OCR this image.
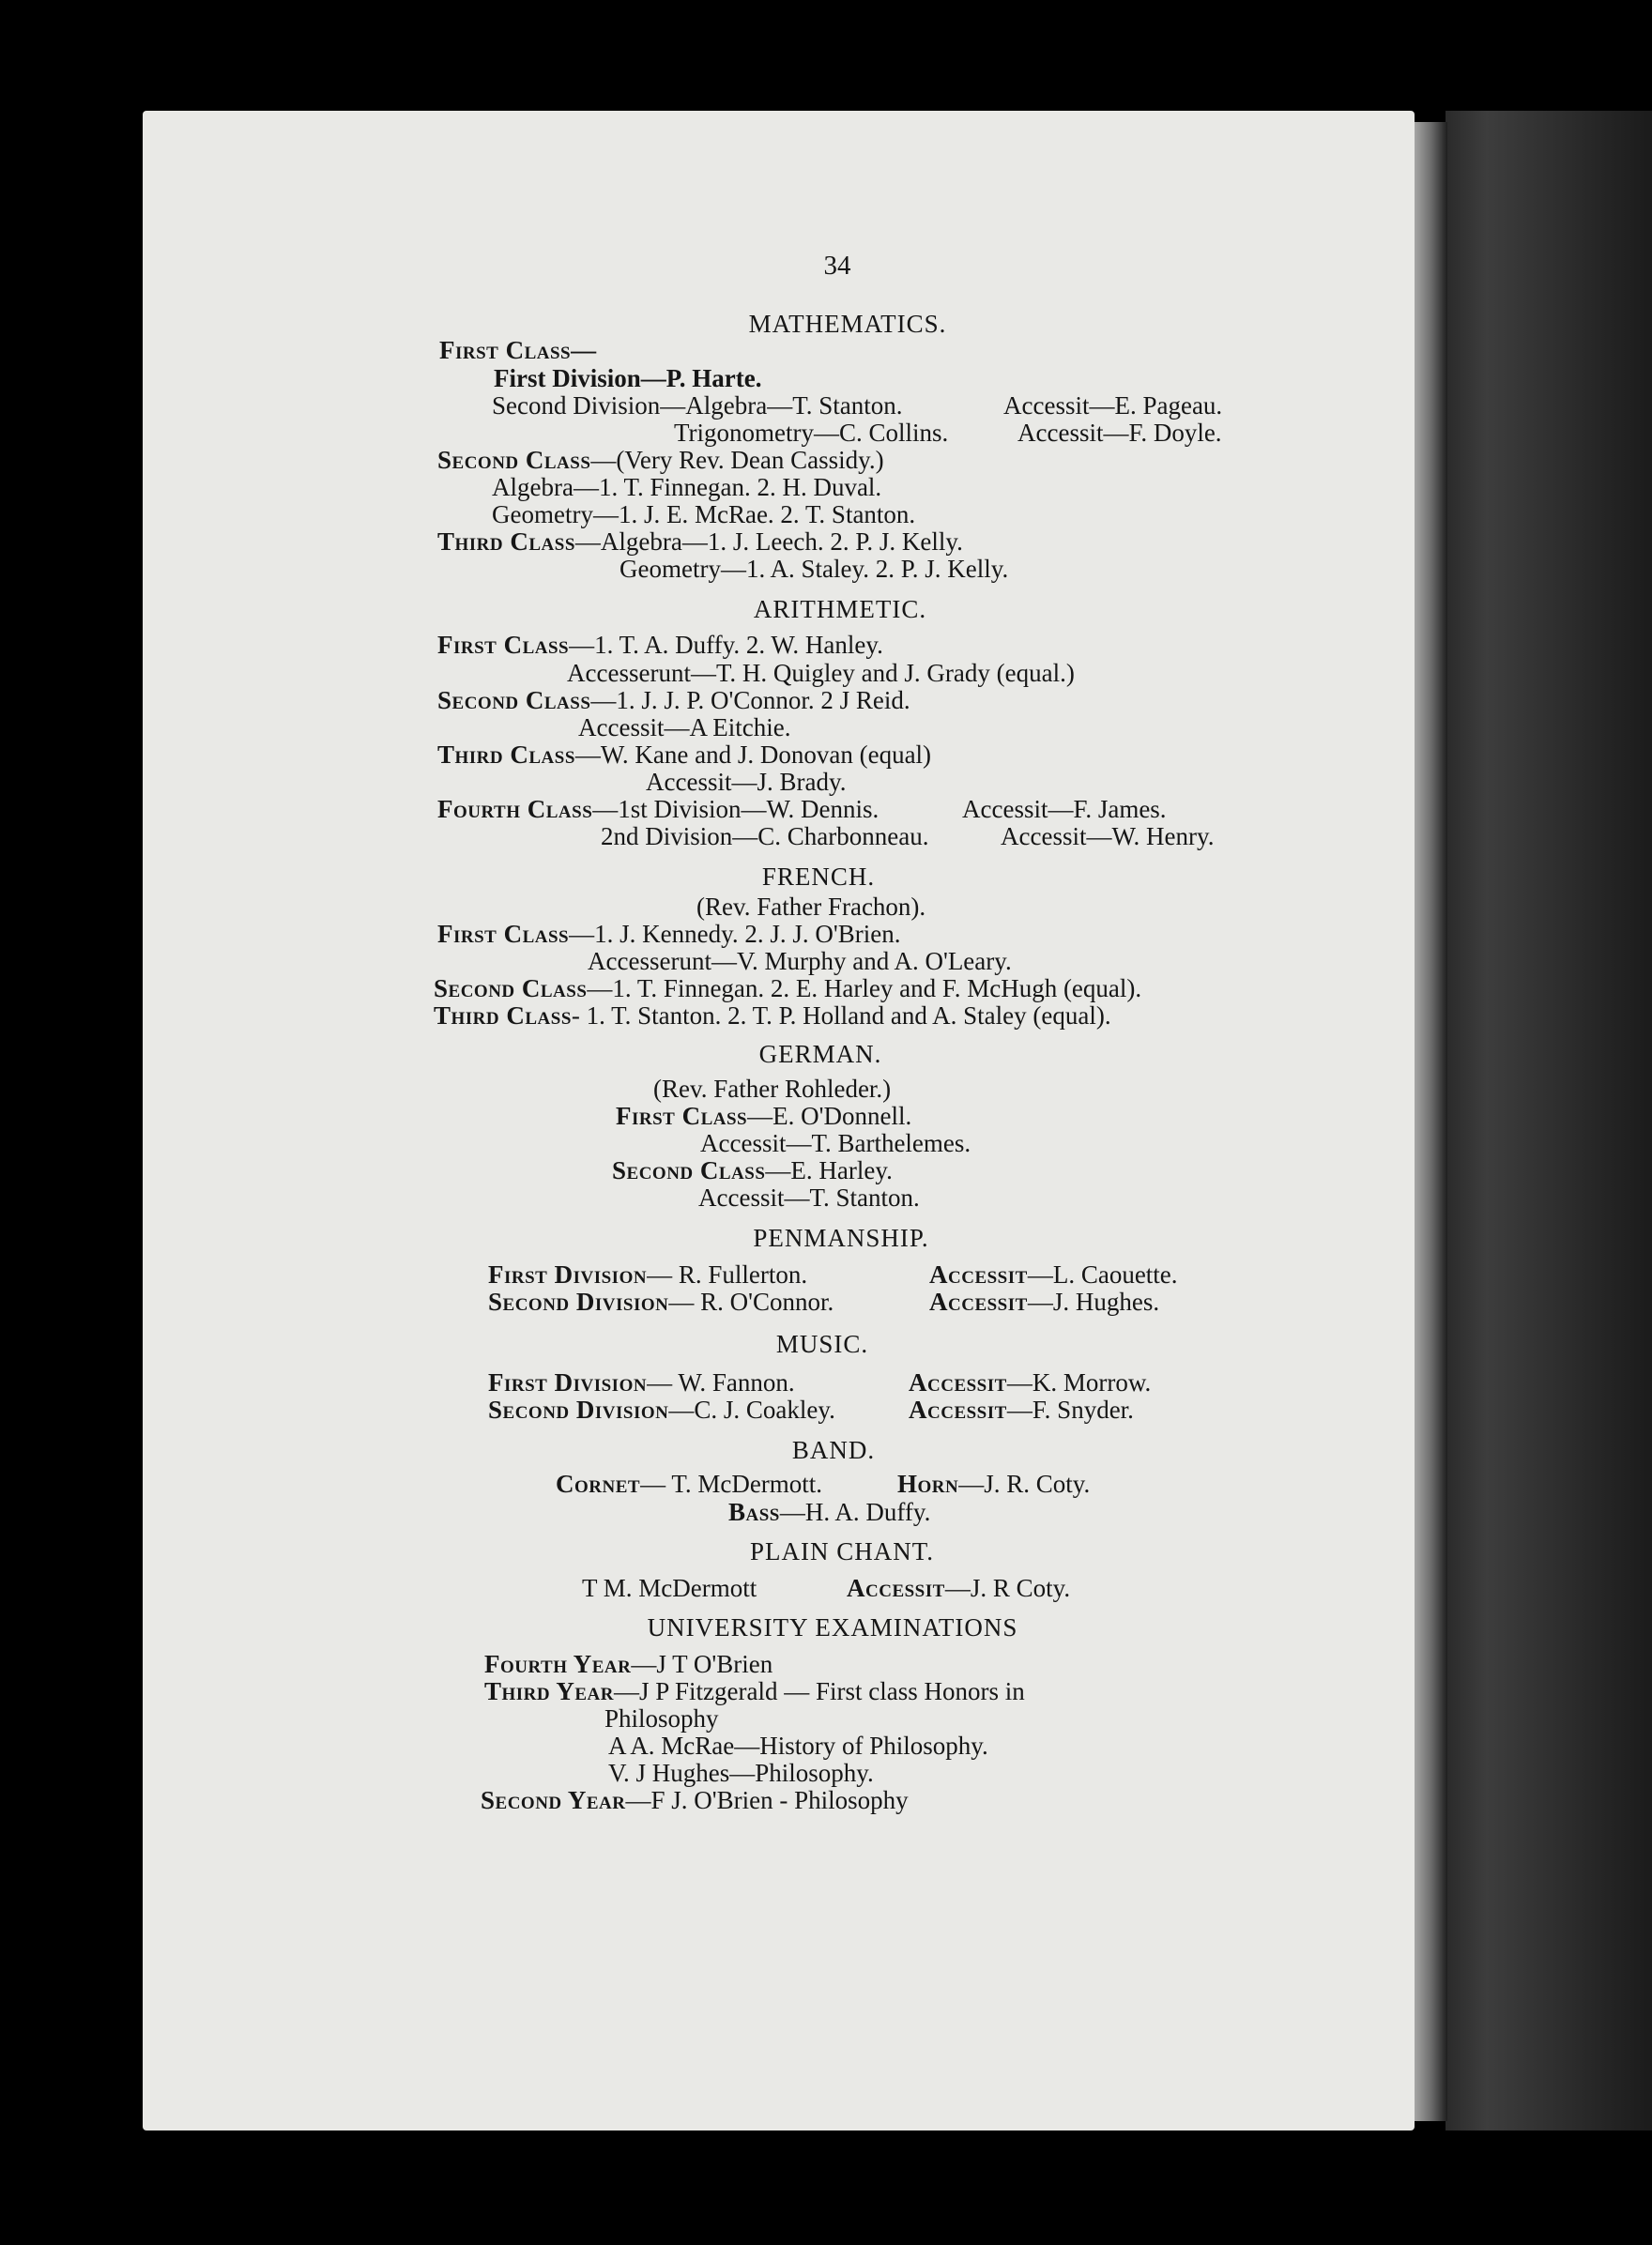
34
MATHEMATICS.
First Class—
First Division—P. Harte.
Second Division—Algebra—T. Stanton.	Accessit—E. Pageau.
Trigonometry—C. Collins.	Accessit—F. Doyle.
Second Class—(Very Rev. Dean Cassidy.)
Algebra—1. T. Finnegan. 2. H. Duval.
Geometry—1. J. E. McRae. 2. T. Stanton.
Third Class—Algebra—1. J. Leech. 2. P. J. Kelly.
Geometry—1. A. Staley. 2. P. J. Kelly.
ARITHMETIC.
First Class—1. T. A. Duffy. 2. W. Hanley.
Accesserunt—T. H. Quigley and J. Grady (equal.)
Second Class—1. J. J. P. O'Connor. 2 J Reid.
Accessit—A Eitchie.
Third Class—W. Kane and J. Donovan (equal)
Accessit—J. Brady.
Fourth Class—1st Division—W. Dennis.	Accessit—F. James.
2nd Division—C. Charbonneau.	Accessit—W. Henry.
FRENCH.
(Rev. Father Frachon).
First Class—1. J. Kennedy. 2. J. J. O'Brien.
Accesserunt—V. Murphy and A. O'Leary.
Second Class—1. T. Finnegan. 2. E. Harley and F. McHugh (equal).
Third Class- 1. T. Stanton. 2. T. P. Holland and A. Staley (equal).
GERMAN.
(Rev. Father Rohleder.)
First Class—E. O'Donnell.
Accessit—T. Barthelemes.
Second Class—E. Harley.
Accessit—T. Stanton.
PENMANSHIP.
First Division— R. Fullerton.	Accessit—L. Caouette.
Second Division— R. O'Connor.	Accessit—J. Hughes.
MUSIC.
First Division— W. Fannon.	Accessit—K. Morrow.
Second Division—C. J. Coakley.	Accessit—F. Snyder.
BAND.
Cornet— T. McDermott.	Horn—J. R. Coty.
Bass—H. A. Duffy.
PLAIN CHANT.
T M. McDermott	Accessit—J. R Coty.
UNIVERSITY EXAMINATIONS
Fourth Year—J T O'Brien
Third Year—J P Fitzgerald — First class Honors in
Philosophy
A A. McRae—History of Philosophy.
V. J Hughes—Philosophy.
Second Year—F J. O'Brien - Philosophy
